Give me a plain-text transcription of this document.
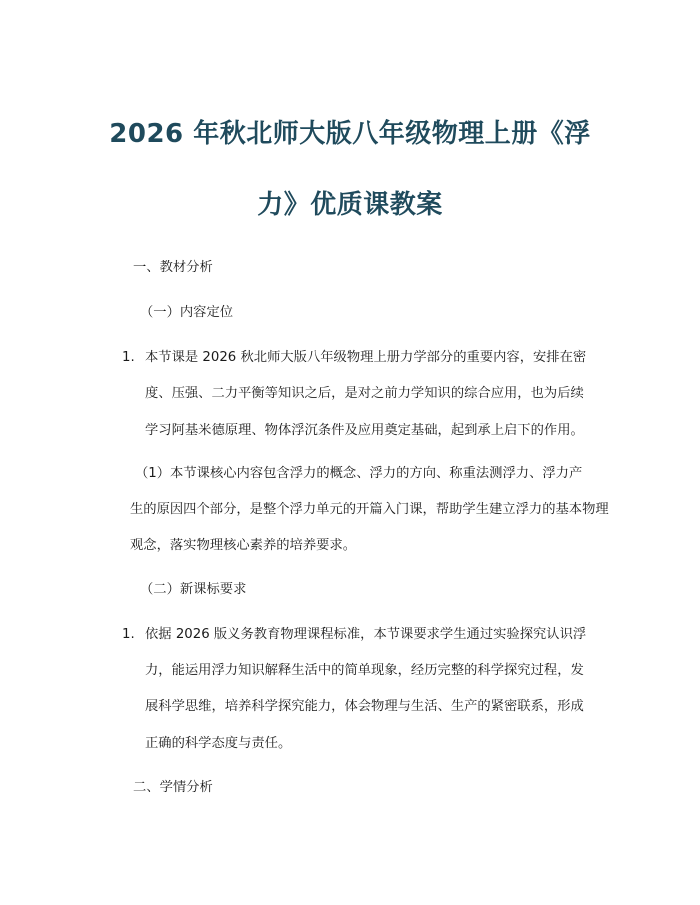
2026 年秋北师大版八年级物理上册《浮
力》优质课教案
一、教材分析
（一）内容定位
1. 本节课是 2026 秋北师大版八年级物理上册力学部分的重要内容，安排在密
度、压强、二力平衡等知识之后，是对之前力学知识的综合应用，也为后续
学习阿基米德原理、物体浮沉条件及应用奠定基础，起到承上启下的作用。
（1）本节课核心内容包含浮力的概念、浮力的方向、称重法测浮力、浮力产
生的原因四个部分，是整个浮力单元的开篇入门课，帮助学生建立浮力的基本物理
观念，落实物理核心素养的培养要求。
（二）新课标要求
1. 依据 2026 版义务教育物理课程标准，本节课要求学生通过实验探究认识浮
力，能运用浮力知识解释生活中的简单现象，经历完整的科学探究过程，发
展科学思维，培养科学探究能力，体会物理与生活、生产的紧密联系，形成
正确的科学态度与责任。
二、学情分析
